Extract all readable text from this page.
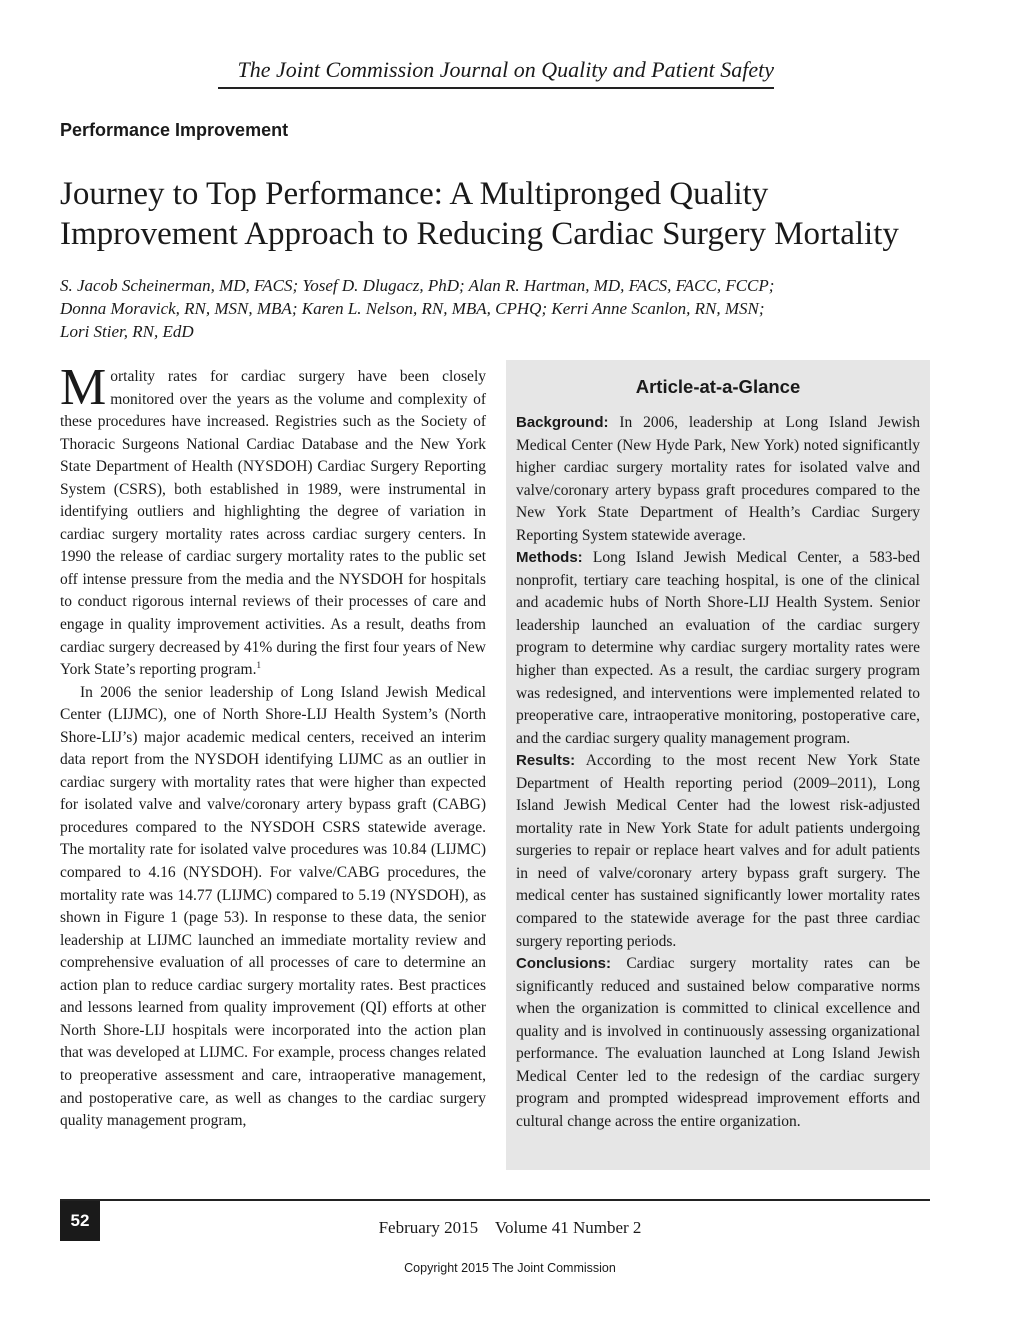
The Joint Commission Journal on Quality and Patient Safety
Performance Improvement
Journey to Top Performance: A Multipronged Quality Improvement Approach to Reducing Cardiac Surgery Mortality
S. Jacob Scheinerman, MD, FACS; Yosef D. Dlugacz, PhD; Alan R. Hartman, MD, FACS, FACC, FCCP;
Donna Moravick, RN, MSN, MBA; Karen L. Nelson, RN, MBA, CPHQ; Kerri Anne Scanlon, RN, MSN;
Lori Stier, RN, EdD

Mortality rates for cardiac surgery have been closely monitored over the years as the volume and complexity of these procedures have increased. Registries such as the Society of Thoracic Surgeons National Cardiac Database and the New York State Department of Health (NYSDOH) Cardiac Surgery Reporting System (CSRS), both established in 1989, were instrumental in identifying outliers and highlighting the degree of variation in cardiac surgery mortality rates across cardiac surgery centers. In 1990 the release of cardiac surgery mortality rates to the public set off intense pressure from the media and the NYSDOH for hospitals to conduct rigorous internal reviews of their processes of care and engage in quality improvement activities. As a result, deaths from cardiac surgery decreased by 41% during the first four years of New York State’s reporting program.$^1$

In 2006 the senior leadership of Long Island Jewish Medical Center (LIJMC), one of North Shore-LIJ Health System’s (North Shore-LIJ’s) major academic medical centers, received an interim data report from the NYSDOH identifying LIJMC as an outlier in cardiac surgery with mortality rates that were higher than expected for isolated valve and valve/coronary artery bypass graft (CABG) procedures compared to the NYSDOH CSRS statewide average. The mortality rate for isolated valve procedures was 10.84 (LIJMC) compared to 4.16 (NYSDOH). For valve/CABG procedures, the mortality rate was 14.77 (LIJMC) compared to 5.19 (NYSDOH), as shown in Figure 1 (page 53). In response to these data, the senior leadership at LIJMC launched an immediate mortality review and comprehensive evaluation of all processes of care to determine an action plan to reduce cardiac surgery mortality rates. Best practices and lessons learned from quality improvement (QI) efforts at other North Shore-LIJ hospitals were incorporated into the action plan that was developed at LIJMC. For example, process changes related to preoperative assessment and care, intraoperative management, and postoperative care, as well as changes to the cardiac surgery quality management program,

Article-at-a-Glance

Background: In 2006, leadership at Long Island Jewish Medical Center (New Hyde Park, New York) noted significantly higher cardiac surgery mortality rates for isolated valve and valve/coronary artery bypass graft procedures compared to the New York State Department of Health’s Cardiac Surgery Reporting System statewide average.

Methods: Long Island Jewish Medical Center, a 583-bed nonprofit, tertiary care teaching hospital, is one of the clinical and academic hubs of North Shore-LIJ Health System. Senior leadership launched an evaluation of the cardiac surgery program to determine why cardiac surgery mortality rates were higher than expected. As a result, the cardiac surgery program was redesigned, and interventions were implemented related to preoperative care, intraoperative monitoring, postoperative care, and the cardiac surgery quality management program.

Results: According to the most recent New York State Department of Health reporting period (2009–2011), Long Island Jewish Medical Center had the lowest risk-adjusted mortality rate in New York State for adult patients undergoing surgeries to repair or replace heart valves and for adult patients in need of valve/coronary artery bypass graft surgery. The medical center has sustained significantly lower mortality rates compared to the statewide average for the past three cardiac surgery reporting periods.

Conclusions: Cardiac surgery mortality rates can be significantly reduced and sustained below comparative norms when the organization is committed to clinical excellence and quality and is involved in continuously assessing organizational performance. The evaluation launched at Long Island Jewish Medical Center led to the redesign of the cardiac surgery program and prompted widespread improvement efforts and cultural change across the entire organization.

52	February 2015    Volume 41 Number 2
Copyright 2015 The Joint Commission
